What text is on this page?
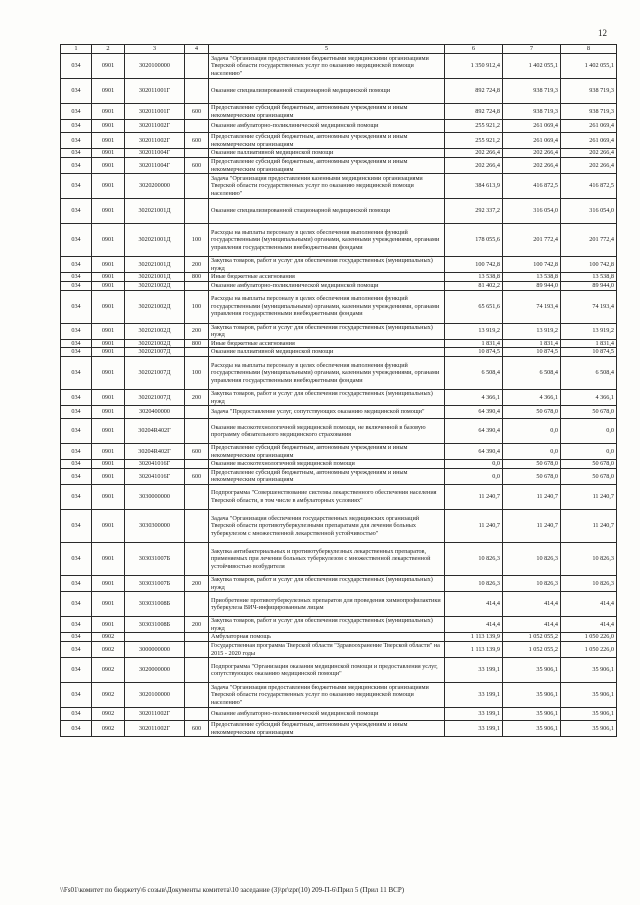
12
1	2	3	4	5	6	7	8
034	0901	3020100000		Задача "Организация предоставления бюджетными медицинскими организациями Тверской области государственных услуг по оказанию медицинской помощи населению"	1 350 912,4	1 402 055,1	1 402 055,1
034	0901	302011001Г		Оказание специализированной стационарной медицинской помощи	892 724,8	938 719,3	938 719,3
034	0901	302011001Г	600	Предоставление субсидий бюджетным, автономным учреждениям и иным некоммерческим организациям	892 724,8	938 719,3	938 719,3
034	0901	302011002Г		Оказание амбулаторно-поликлинической медицинской помощи	255 921,2	261 069,4	261 069,4
034	0901	302011002Г	600	Предоставление субсидий бюджетным, автономным учреждениям и иным некоммерческим организациям	255 921,2	261 069,4	261 069,4
034	0901	302011004Г		Оказание паллиативной медицинской помощи	202 266,4	202 266,4	202 266,4
034	0901	302011004Г	600	Предоставление субсидий бюджетным, автономным учреждениям и иным некоммерческим организациям	202 266,4	202 266,4	202 266,4
034	0901	3020200000		Задача "Организация предоставления казенными медицинскими организациями Тверской области государственных услуг по оказанию медицинской помощи населению"	384 613,9	416 872,5	416 872,5
034	0901	302021001Д		Оказание специализированной стационарной медицинской помощи	292 337,2	316 054,0	316 054,0
034	0901	302021001Д	100	Расходы на выплаты персоналу в целях обеспечения выполнения функций государственными (муниципальными) органами, казенными учреждениями, органами управления государственными внебюджетными фондами	178 055,6	201 772,4	201 772,4
034	0901	302021001Д	200	Закупка товаров, работ и услуг для обеспечения государственных (муниципальных) нужд	100 742,8	100 742,8	100 742,8
034	0901	302021001Д	800	Иные бюджетные ассигнования	13 538,8	13 538,8	13 538,8
034	0901	302021002Д		Оказание амбулаторно-поликлинической медицинской помощи	81 402,2	89 944,0	89 944,0
034	0901	302021002Д	100	Расходы на выплаты персоналу в целях обеспечения выполнения функций государственными (муниципальными) органами, казенными учреждениями, органами управления государственными внебюджетными фондами	65 651,6	74 193,4	74 193,4
034	0901	302021002Д	200	Закупка товаров, работ и услуг для обеспечения государственных (муниципальных) нужд	13 919,2	13 919,2	13 919,2
034	0901	302021002Д	800	Иные бюджетные ассигнования	1 831,4	1 831,4	1 831,4
034	0901	302021007Д		Оказание паллиативной медицинской помощи	10 874,5	10 874,5	10 874,5
034	0901	302021007Д	100	Расходы на выплаты персоналу в целях обеспечения выполнения функций государственными (муниципальными) органами, казенными учреждениями, органами управления государственными внебюджетными фондами	6 508,4	6 508,4	6 508,4
034	0901	302021007Д	200	Закупка товаров, работ и услуг для обеспечения государственных (муниципальных) нужд	4 366,1	4 366,1	4 366,1
034	0901	3020400000		Задача "Предоставление услуг, сопутствующих оказанию медицинской помощи"	64 390,4	50 678,0	50 678,0
034	0901	30204R402Г		Оказание высокотехнологичной медицинской помощи, не включенной в базовую программу обязательного медицинского страхования	64 390,4	0,0	0,0
034	0901	30204R402Г	600	Предоставление субсидий бюджетным, автономным учреждениям и иным некоммерческим организациям	64 390,4	0,0	0,0
034	0901	302041016Г		Оказание высокотехнологичной медицинской помощи	0,0	50 678,0	50 678,0
034	0901	302041016Г	600	Предоставление субсидий бюджетным, автономным учреждениям и иным некоммерческим организациям	0,0	50 678,0	50 678,0
034	0901	3030000000		Подпрограмма "Совершенствование системы лекарственного обеспечения населения Тверской области, в том числе в амбулаторных условиях"	11 240,7	11 240,7	11 240,7
034	0901	3030300000		Задача "Организация обеспечения государственных медицинских организаций Тверской области противотуберкулезными препаратами для лечения больных туберкулезом с множественной лекарственной устойчивостью"	11 240,7	11 240,7	11 240,7
034	0901	303031007Б		Закупка антибактериальных и противотуберкулезных лекарственных препаратов, применяемых при лечении больных туберкулезом с множественной лекарственной устойчивостью возбудителя	10 826,3	10 826,3	10 826,3
034	0901	303031007Б	200	Закупка товаров, работ и услуг для обеспечения государственных (муниципальных) нужд	10 826,3	10 826,3	10 826,3
034	0901	303031008Б		Приобретение противотуберкулезных препаратов для проведения химиопрофилактики туберкулеза ВИЧ-инфицированным лицам	414,4	414,4	414,4
034	0901	303031008Б	200	Закупка товаров, работ и услуг для обеспечения государственных (муниципальных) нужд	414,4	414,4	414,4
034	0902			Амбулаторная помощь	1 113 139,9	1 052 055,2	1 050 226,0
034	0902	3000000000		Государственная программа Тверской области "Здравоохранение Тверской области" на 2015 - 2020 годы	1 113 139,9	1 052 055,2	1 050 226,0
034	0902	3020000000		Подпрограмма "Организация оказания медицинской помощи и предоставления услуг, сопутствующих оказанию медицинской помощи"	33 199,1	35 906,1	35 906,1
034	0902	3020100000		Задача "Организация предоставления бюджетными медицинскими организациями Тверской области государственных услуг по оказанию медицинской помощи населению"	33 199,1	35 906,1	35 906,1
034	0902	302011002Г		Оказание амбулаторно-поликлинической медицинской помощи	33 199,1	35 906,1	35 906,1
034	0902	302011002Г	600	Предоставление субсидий бюджетным, автономным учреждениям и иным некоммерческим организациям	33 199,1	35 906,1	35 906,1
\\Fs01\комитет по бюджету\6 созыв\Документы комитета\10 заседание (3)\pr\zpr(10) 209-П-6\Прил 5 (Прил 11 ВСР)
